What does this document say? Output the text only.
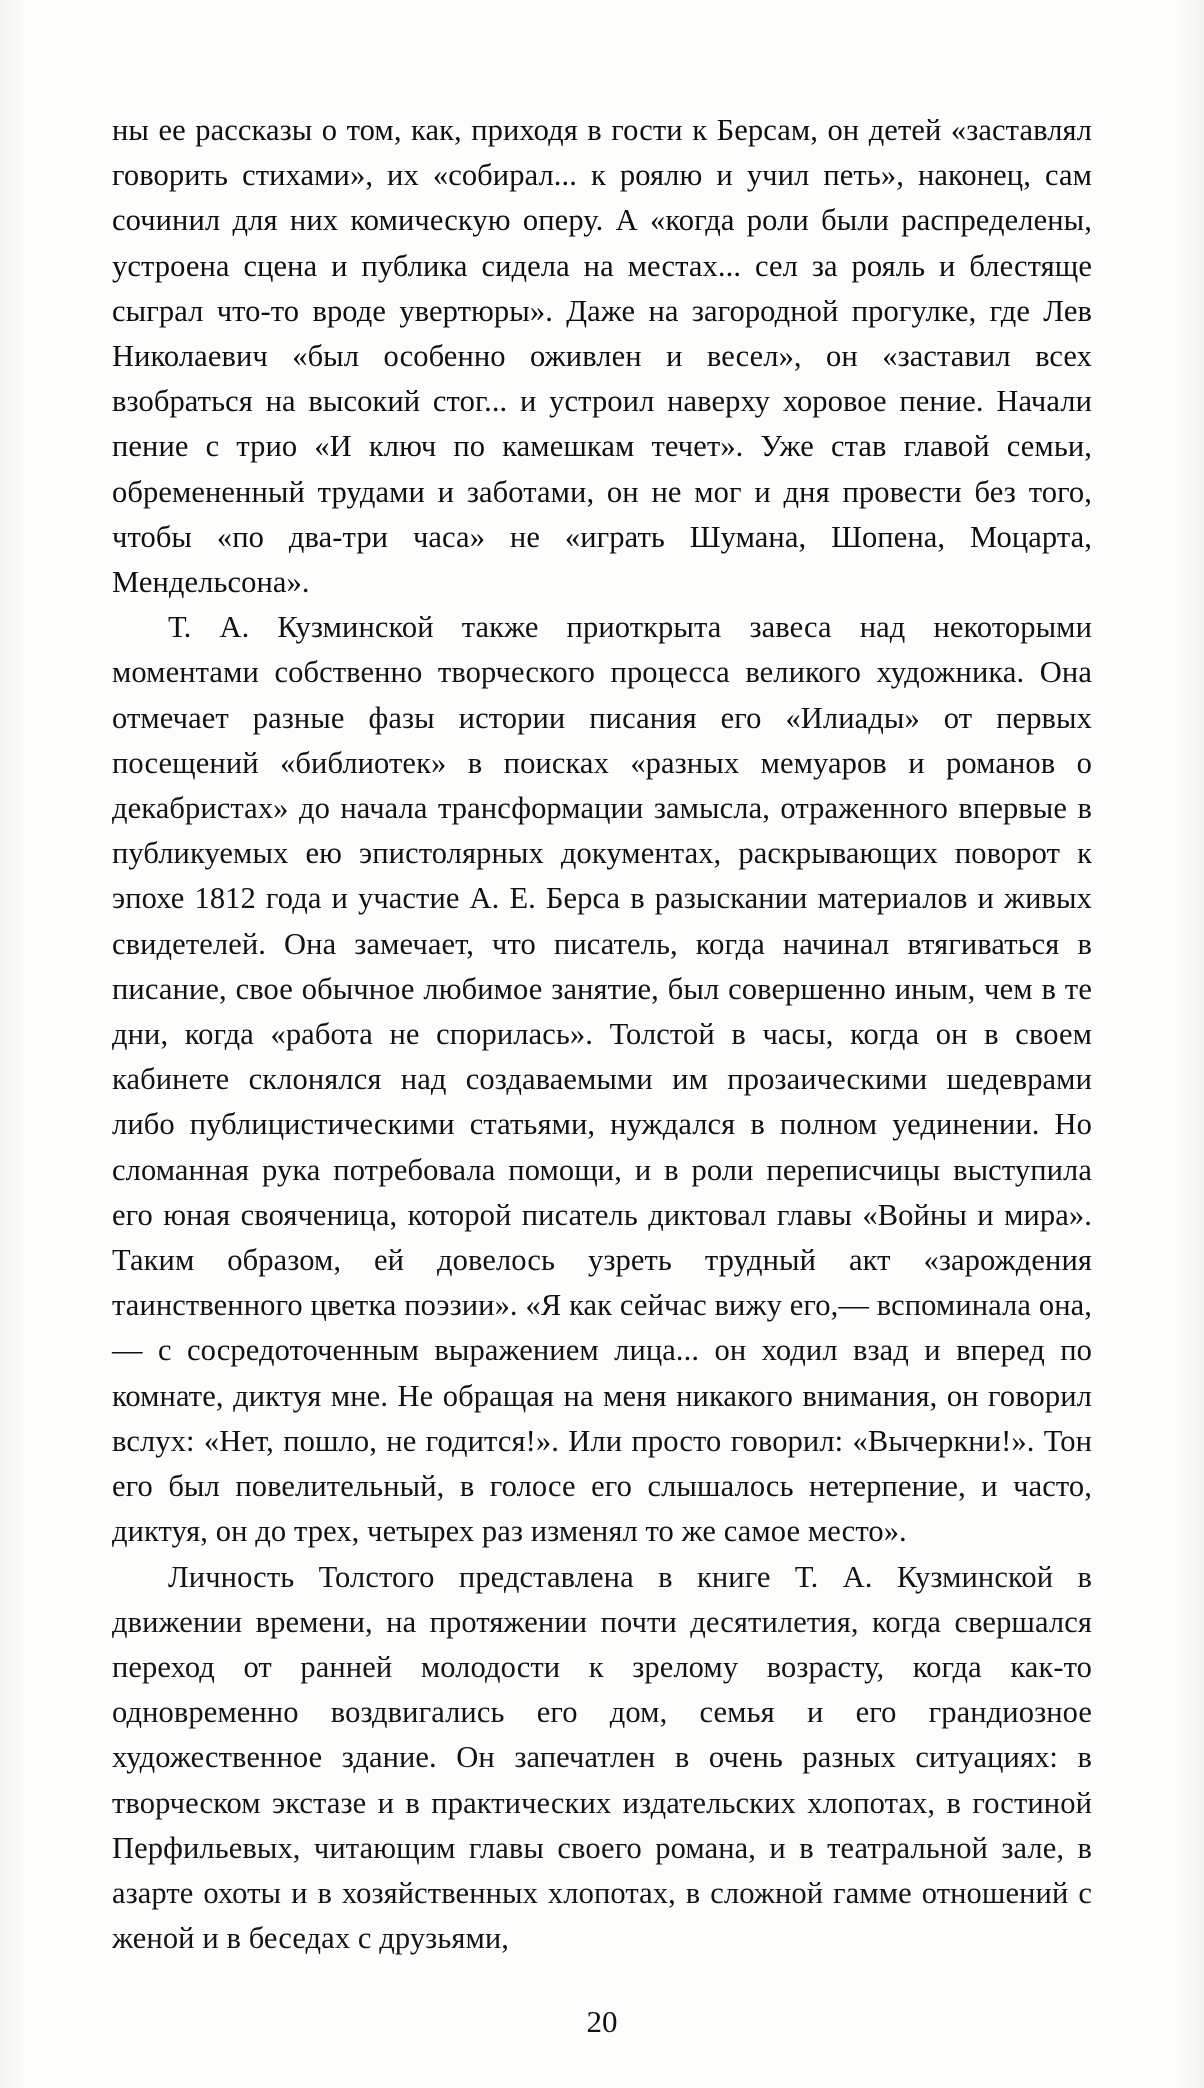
ны ее рассказы о том, как, приходя в гости к Берсам, он детей «заставлял говорить стихами», их «собирал... к роялю и учил петь», наконец, сам сочинил для них комическую оперу. А «когда роли были распределены, устроена сцена и публика сидела на местах... сел за рояль и блестяще сыграл что-то вроде увертюры». Даже на загородной прогулке, где Лев Николаевич «был особенно оживлен и весел», он «заставил всех взобраться на высокий стог... и устроил наверху хоровое пение. Начали пение с трио «И ключ по камешкам течет». Уже став главой семьи, обремененный трудами и заботами, он не мог и дня провести без того, чтобы «по два-три часа» не «играть Шумана, Шопена, Моцарта, Мендельсона».

Т. А. Кузминской также приоткрыта завеса над некоторыми моментами собственно творческого процесса великого художника. Она отмечает разные фазы истории писания его «Илиады» от первых посещений «библиотек» в поисках «разных мемуаров и романов о декабристах» до начала трансформации замысла, отраженного впервые в публикуемых ею эпистолярных документах, раскрывающих поворот к эпохе 1812 года и участие А. Е. Берса в разыскании материалов и живых свидетелей. Она замечает, что писатель, когда начинал втягиваться в писание, свое обычное любимое занятие, был совершенно иным, чем в те дни, когда «работа не спорилась». Толстой в часы, когда он в своем кабинете склонялся над создаваемыми им прозаическими шедеврами либо публицистическими статьями, нуждался в полном уединении. Но сломанная рука потребовала помощи, и в роли переписчицы выступила его юная свояченица, которой писатель диктовал главы «Войны и мира». Таким образом, ей довелось узреть трудный акт «зарождения таинственного цветка поэзии». «Я как сейчас вижу его,— вспоминала она,— с сосредоточенным выражением лица... он ходил взад и вперед по комнате, диктуя мне. Не обращая на меня никакого внимания, он говорил вслух: «Нет, пошло, не годится!». Или просто говорил: «Вычеркни!». Тон его был повелительный, в голосе его слышалось нетерпение, и часто, диктуя, он до трех, четырех раз изменял то же самое место».

Личность Толстого представлена в книге Т. А. Кузминской в движении времени, на протяжении почти десятилетия, когда свершался переход от ранней молодости к зрелому возрасту, когда как-то одновременно воздвигались его дом, семья и его грандиозное художественное здание. Он запечатлен в очень разных ситуациях: в творческом экстазе и в практических издательских хлопотах, в гостиной Перфильевых, читающим главы своего романа, и в театральной зале, в азарте охоты и в хозяйственных хлопотах, в сложной гамме отношений с женой и в беседах с друзьями,

20
